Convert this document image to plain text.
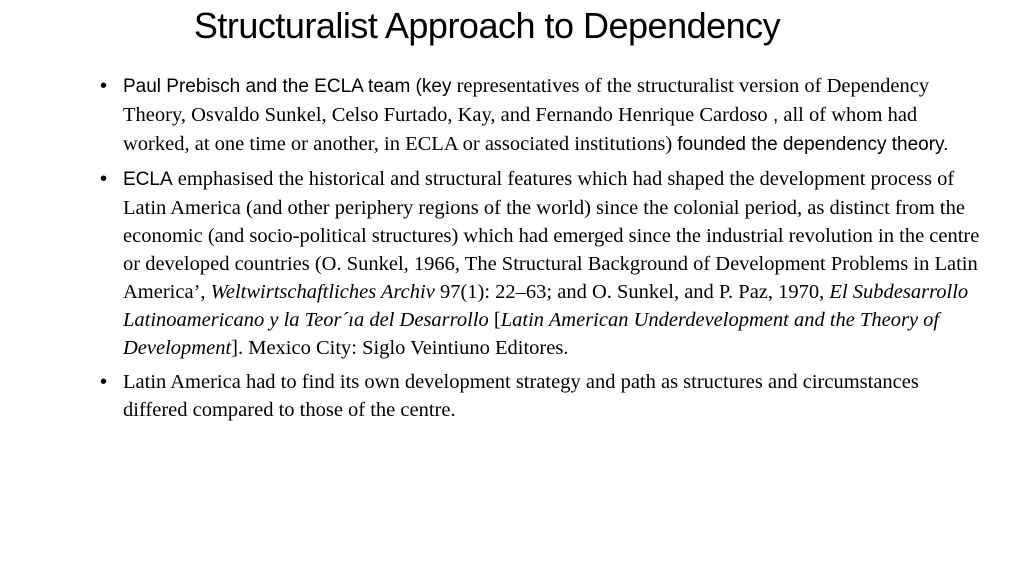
Structuralist Approach to Dependency
• Paul Prebisch and the ECLA team (key representatives of the structuralist version of Dependency Theory, Osvaldo Sunkel, Celso Furtado, Kay, and Fernando Henrique Cardoso , all of whom had worked, at one time or another, in ECLA or associated institutions) founded the dependency theory.
• ECLA emphasised the historical and structural features which had shaped the development process of Latin America (and other periphery regions of the world) since the colonial period, as distinct from the economic (and socio-political structures) which had emerged since the industrial revolution in the centre or developed countries (O. Sunkel, 1966, The Structural Background of Development Problems in Latin America’, Weltwirtschaftliches Archiv 97(1): 22–63; and O. Sunkel, and P. Paz, 1970, El Subdesarrollo Latinoamericano y la Teor´ıa del Desarrollo [Latin American Underdevelopment and the Theory of Development]. Mexico City: Siglo Veintiuno Editores.
• Latin America had to find its own development strategy and path as structures and circumstances differed compared to those of the centre.
